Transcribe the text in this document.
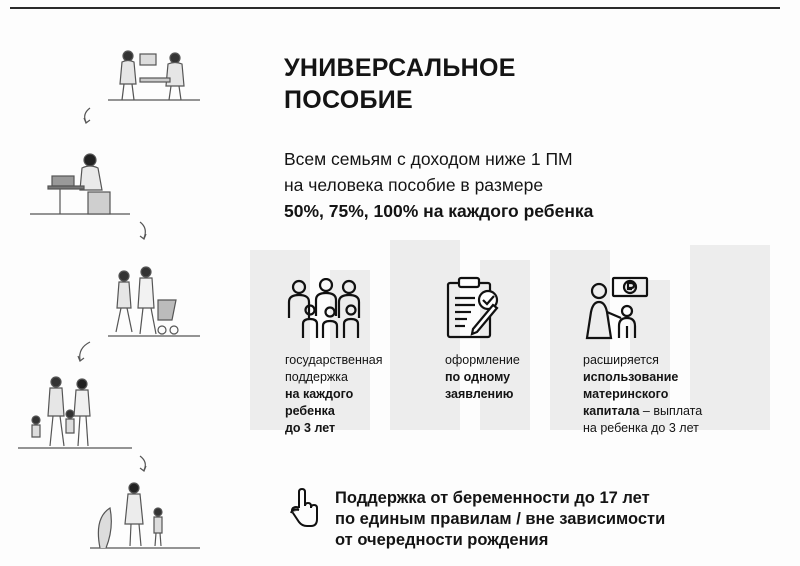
УНИВЕРСАЛЬНОЕ
ПОСОБИЕ
Всем семьям с доходом ниже 1 ПМ
на человека пособие в размере
50%, 75%, 100% на каждого ребенка
государственная
поддержка
на каждого
ребенка
до 3 лет
оформление
по одному
заявлению
расширяется
использование
материнского
капитала – выплата
на ребенка до 3 лет
Поддержка от беременности до 17 лет
по единым правилам / вне зависимости
от очередности рождения
